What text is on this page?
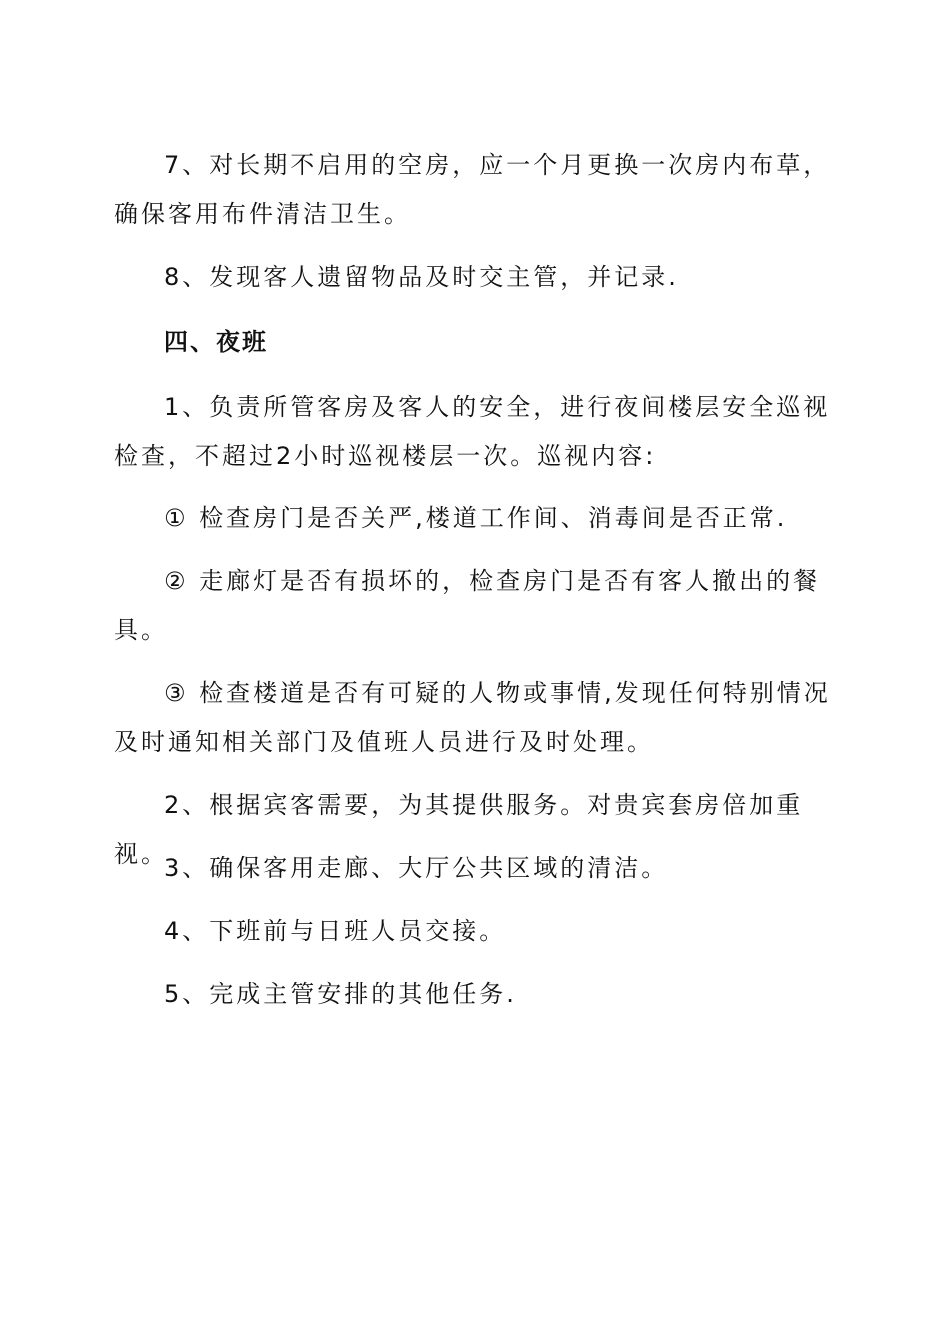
7、对长期不启用的空房，应一个月更换一次房内布草，确保客用布件清洁卫生。

8、发现客人遗留物品及时交主管，并记录.

四、夜班

1、负责所管客房及客人的安全，进行夜间楼层安全巡视检查，不超过2小时巡视楼层一次。巡视内容:

① 检查房门是否关严,楼道工作间、消毒间是否正常.

② 走廊灯是否有损坏的，检查房门是否有客人撤出的餐具。

③ 检查楼道是否有可疑的人物或事情,发现任何特别情况及时通知相关部门及值班人员进行及时处理。

2、根据宾客需要，为其提供服务。对贵宾套房倍加重视。

3、确保客用走廊、大厅公共区域的清洁。

4、下班前与日班人员交接。

5、完成主管安排的其他任务.
